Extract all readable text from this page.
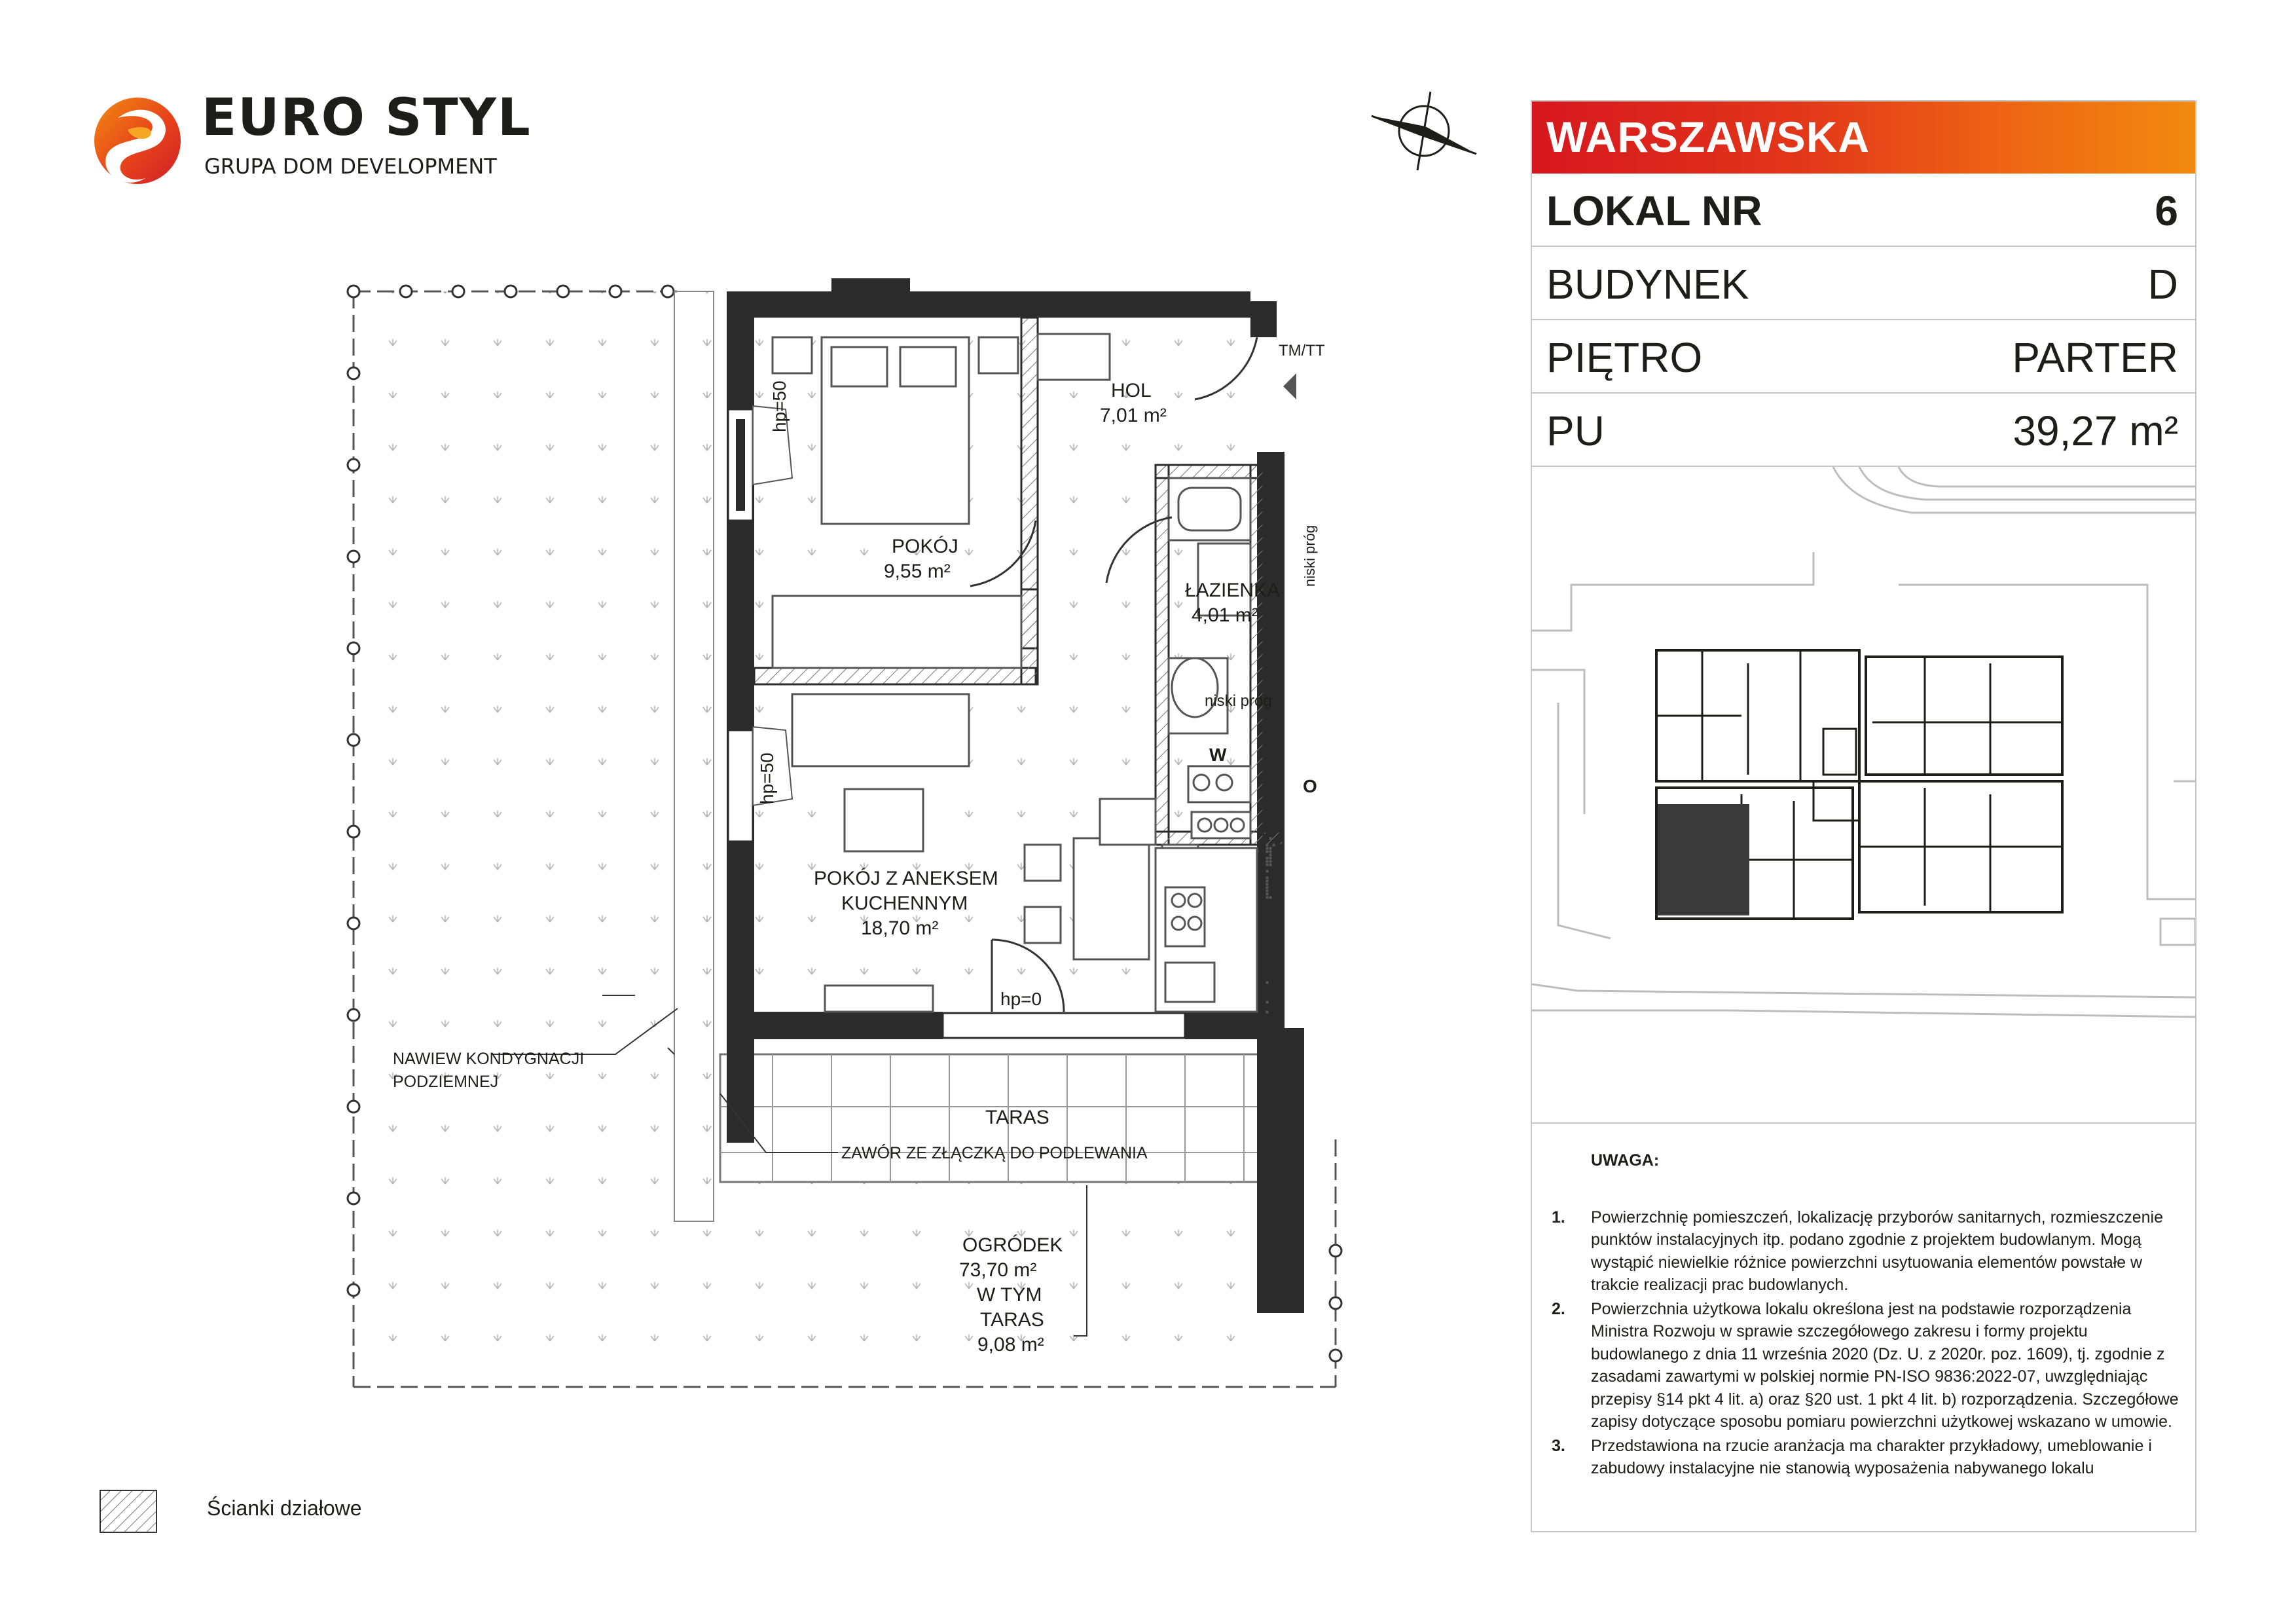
EURO STYL
GRUPA DOM DEVELOPMENT
WARSZAWSKA
LOKAL NR	6
BUDYNEK	D
PIĘTRO	PARTER
PU	39,27 m²
UWAGA:
1. Powierzchnię pomieszczeń, lokalizację przyborów sanitarnych, rozmieszczenie punktów instalacyjnych itp. podano zgodnie z projektem budowlanym. Mogą wystąpić niewielkie różnice powierzchni usytuowania elementów powstałe w trakcie realizacji prac budowlanych.
2. Powierzchnia użytkowa lokalu określona jest na podstawie rozporządzenia Ministra Rozwoju w sprawie szczegółowego zakresu i formy projektu budowlanego z dnia 11 września 2020 (Dz. U. z 2020r. poz. 1609), tj. zgodnie z zasadami zawartymi w polskiej normie PN-ISO 9836:2022-07, uwzględniając przepisy §14 pkt 4 lit. a) oraz §20 ust. 1 pkt 4 lit. b) rozporządzenia. Szczegółowe zapisy dotyczące sposobu pomiaru powierzchni użytkowej wskazano w umowie.
3. Przedstawiona na rzucie aranżacja ma charakter przykładowy, umeblowanie i zabudowy instalacyjne nie stanowią wyposażenia nabywanego lokalu
HOL
7,01 m²
POKÓJ
9,55 m²
ŁAZIENKA
4,01 m²
POKÓJ Z ANEKSEM
KUCHENNYM
18,70 m²
TARAS
OGRÓDEK
73,70 m²
W TYM
TARAS
9,08 m²
TM/TT
hp=0
niski próg
W
O
NAWIEW KONDYGNACJI
PODZIEMNEJ
ZAWÓR ZE ZŁĄCZKĄ DO PODLEWANIA
hp=50
hp=50
niski próg
Ścianki działowe
